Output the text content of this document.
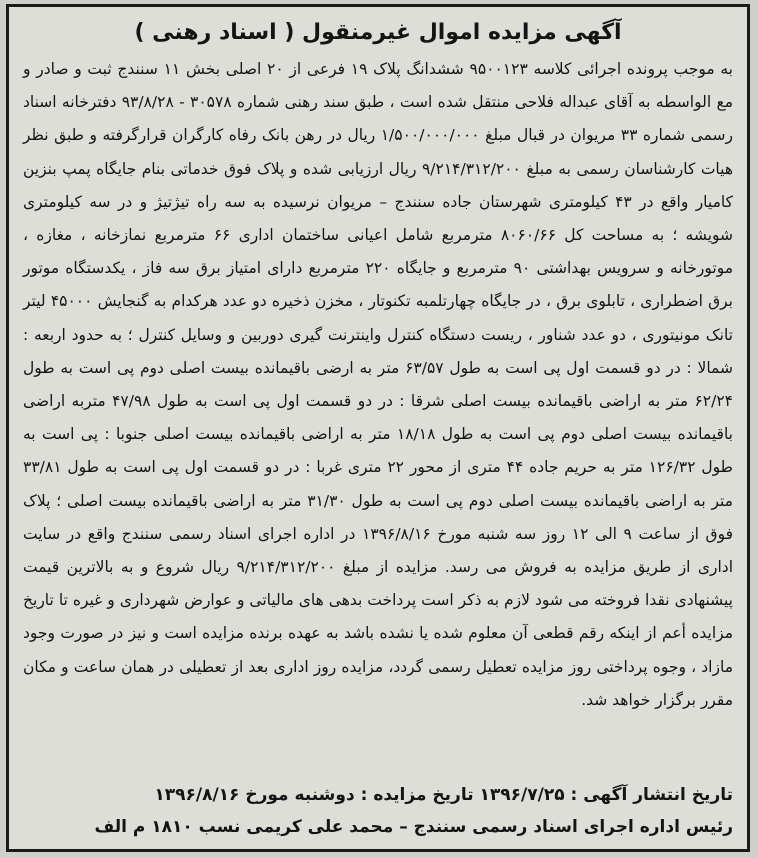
آگهی مزایده اموال غیرمنقول ( اسناد رهنی )

به موجب پرونده اجرائی کلاسه ۹۵۰۰۱۲۳ ششدانگ پلاک ۱۹ فرعی از ۲۰ اصلی بخش ۱۱ سنندج ثبت و صادر و مع الواسطه به آقای عبداله فلاحی منتقل شده است ، طبق سند رهنی شماره ۳۰۵۷۸ - ۹۳/۸/۲۸ دفترخانه اسناد رسمی شماره ۳۳ مریوان در قبال مبلغ ۱/۵۰۰/۰۰۰/۰۰۰ ریال در رهن بانک رفاه کارگران قرارگرفته و طبق نظر هیات کارشناسان رسمی به مبلغ ۹/۲۱۴/۳۱۲/۲۰۰ ریال ارزیابی شده و پلاک فوق خدماتی بنام جایگاه پمپ بنزین کامیار واقع در ۴۳ کیلومتری شهرستان جاده سنندج – مریوان نرسیده به سه راه تیژتیژ و در سه کیلومتری شویشه ؛ به مساحت کل ۸۰۶۰/۶۶ مترمربع شامل اعیانی ساختمان اداری ۶۶ مترمربع نمازخانه ، مغازه ، موتورخانه و سرویس بهداشتی ۹۰ مترمربع و جایگاه ۲۲۰ مترمربع دارای امتیاز برق سه فاز ، یکدستگاه موتور برق اضطراری ، تابلوی برق ، در جایگاه چهارتلمبه تکنوتار ، مخزن ذخیره دو عدد هرکدام به گنجایش ۴۵۰۰۰ لیتر تانک مونیتوری ، دو عدد شناور ، ریست دستگاه کنترل واینترنت گیری دوربین و وسایل کنترل ؛ به حدود اربعه : شمالا : در دو قسمت اول پی است به طول ۶۳/۵۷ متر به ارضی باقیمانده بیست اصلی دوم پی است به طول ۶۲/۲۴ متر به اراضی باقیمانده بیست اصلی شرقا : در دو قسمت اول پی است به طول ۴۷/۹۸ متربه اراضی باقیمانده بیست اصلی دوم پی است به طول ۱۸/۱۸ متر به اراضی باقیمانده بیست اصلی جنوبا : پی است به طول ۱۲۶/۳۲ متر به حریم جاده ۴۴ متری از محور ۲۲ متری غربا : در دو قسمت اول پی است به طول ۳۳/۸۱ متر به اراضی باقیمانده بیست اصلی دوم پی است به طول ۳۱/۳۰ متر به اراضی باقیمانده بیست اصلی ؛ پلاک فوق از ساعت ۹ الی ۱۲ روز سه شنبه مورخ ۱۳۹۶/۸/۱۶ در اداره اجرای اسناد رسمی سنندج واقع در سایت اداری از طریق مزایده به فروش می رسد. مزایده از مبلغ ۹/۲۱۴/۳۱۲/۲۰۰ ریال شروع و به بالاترین قیمت پیشنهادی نقدا فروخته می شود لازم به ذکر است پرداخت بدهی های مالیاتی و عوارض شهرداری و غیره تا تاریخ مزایده أعم از اینکه رقم قطعی آن معلوم شده یا نشده باشد به عهده برنده مزایده است و نیز در صورت وجود مازاد ، وجوه پرداختی روز مزایده تعطیل رسمی گردد، مزایده روز اداری بعد از تعطیلی در همان ساعت و مکان مقرر برگزار خواهد شد.

تاریخ انتشار آگهی : ۱۳۹۶/۷/۲۵ تاریخ مزایده : دوشنبه مورخ ۱۳۹۶/۸/۱۶
رئیس اداره اجرای اسناد رسمی سنندج – محمد علی کریمی نسب ۱۸۱۰ م الف
